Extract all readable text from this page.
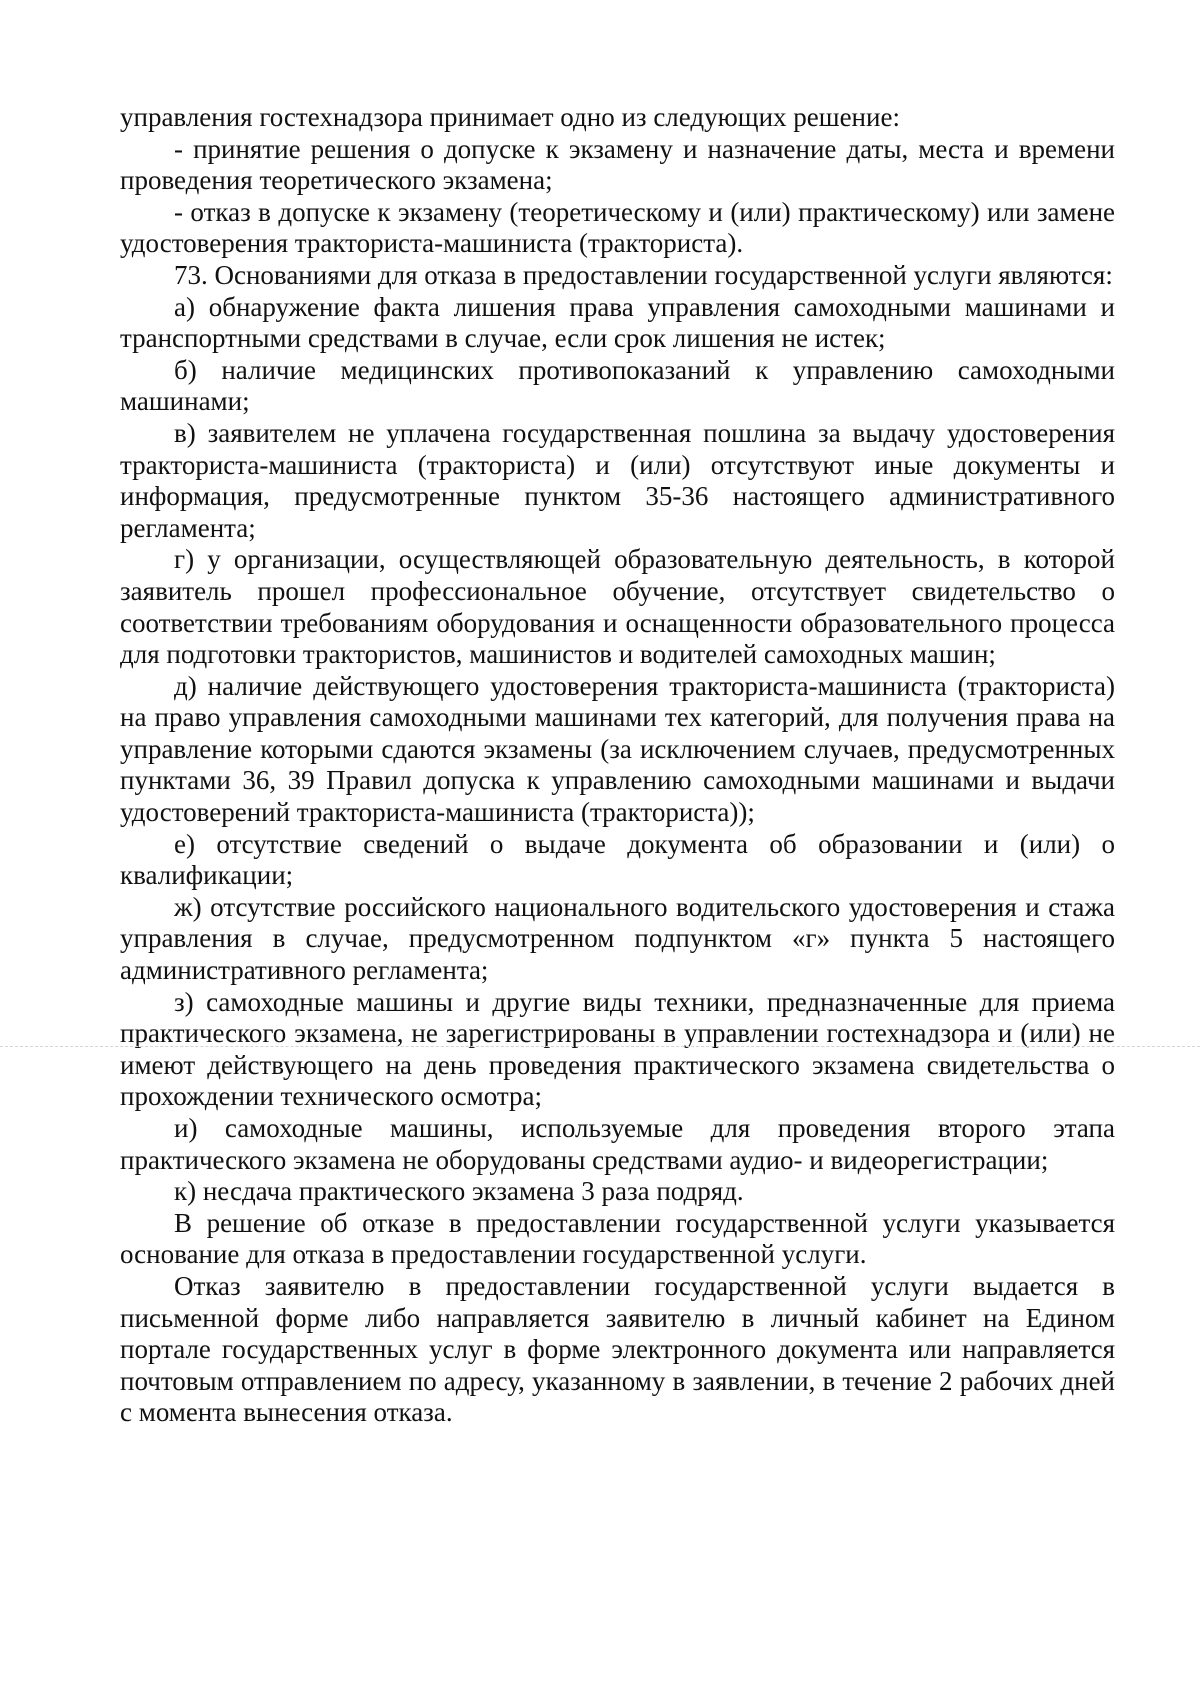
управления гостехнадзора принимает одно из следующих решение:

- принятие решения о допуске к экзамену и назначение даты, места и времени проведения теоретического экзамена;

- отказ в допуске к экзамену (теоретическому и (или) практическому) или замене удостоверения тракториста-машиниста (тракториста).

73. Основаниями для отказа в предоставлении государственной услуги являются:

а) обнаружение факта лишения права управления самоходными машинами и транспортными средствами в случае, если срок лишения не истек;

б) наличие медицинских противопоказаний к управлению самоходными машинами;

в) заявителем не уплачена государственная пошлина за выдачу удостоверения тракториста-машиниста (тракториста) и (или) отсутствуют иные документы и информация, предусмотренные пунктом 35-36 настоящего административного регламента;

г) у организации, осуществляющей образовательную деятельность, в которой заявитель прошел профессиональное обучение, отсутствует свидетельство о соответствии требованиям оборудования и оснащенности образовательного процесса для подготовки трактористов, машинистов и водителей самоходных машин;

д) наличие действующего удостоверения тракториста-машиниста (тракториста) на право управления самоходными машинами тех категорий, для получения права на управление которыми сдаются экзамены (за исключением случаев, предусмотренных пунктами 36, 39 Правил допуска к управлению самоходными машинами и выдачи удостоверений тракториста-машиниста (тракториста));

е) отсутствие сведений о выдаче документа об образовании и (или) о квалификации;

ж) отсутствие российского национального водительского удостоверения и стажа управления в случае, предусмотренном подпунктом «г» пункта 5 настоящего административного регламента;

з) самоходные машины и другие виды техники, предназначенные для приема практического экзамена, не зарегистрированы в управлении гостехнадзора и (или) не имеют действующего на день проведения практического экзамена свидетельства о прохождении технического осмотра;

и) самоходные машины, используемые для проведения второго этапа практического экзамена не оборудованы средствами аудио- и видеорегистрации;

к) несдача практического экзамена 3 раза подряд.

В решение об отказе в предоставлении государственной услуги указывается основание для отказа в предоставлении государственной услуги.

Отказ заявителю в предоставлении государственной услуги выдается в письменной форме либо направляется заявителю в личный кабинет на Едином портале государственных услуг в форме электронного документа или направляется почтовым отправлением по адресу, указанному в заявлении, в течение 2 рабочих дней с момента вынесения отказа.
